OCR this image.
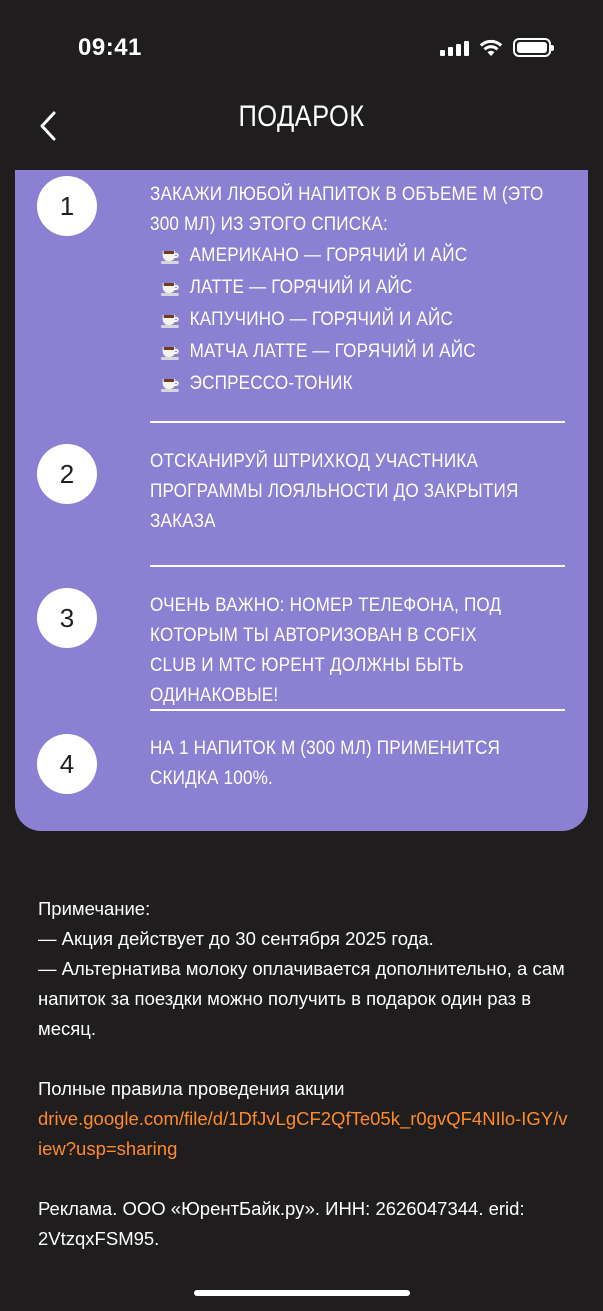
09:41
ПОДАРОК
1	ЗАКАЖИ ЛЮБОЙ НАПИТОК В ОБЪЕМЕ М (ЭТО 300 МЛ) ИЗ ЭТОГО СПИСКА:
АМЕРИКАНО — ГОРЯЧИЙ И АЙС
ЛАТТЕ — ГОРЯЧИЙ И АЙС
КАПУЧИНО — ГОРЯЧИЙ И АЙС
МАТЧА ЛАТТЕ — ГОРЯЧИЙ И АЙС
ЭСПРЕССО-ТОНИК
2	ОТСКАНИРУЙ ШТРИХКОД УЧАСТНИКА ПРОГРАММЫ ЛОЯЛЬНОСТИ ДО ЗАКРЫТИЯ ЗАКАЗА
3	ОЧЕНЬ ВАЖНО: НОМЕР ТЕЛЕФОНА, ПОД КОТОРЫМ ТЫ АВТОРИЗОВАН В COFIX CLUB И МТС ЮРЕНТ ДОЛЖНЫ БЫТЬ ОДИНАКОВЫЕ!
4	НА 1 НАПИТОК М (300 МЛ) ПРИМЕНИТСЯ СКИДКА 100%.

Примечание:

— Акция действует до 30 сентября 2025 года.

— Альтернатива молоку оплачивается дополнительно, а сам напиток за поездки можно получить в подарок один раз в месяц.

Полные правила проведения акции

drive.google.com/file/d/1DfJvLgCF2QfTe05k_r0gvQF4NIlo-IGY/view?usp=sharing

Реклама. ООО «ЮрентБайк.ру». ИНН: 2626047344. erid: 2VtzqxFSM95.
